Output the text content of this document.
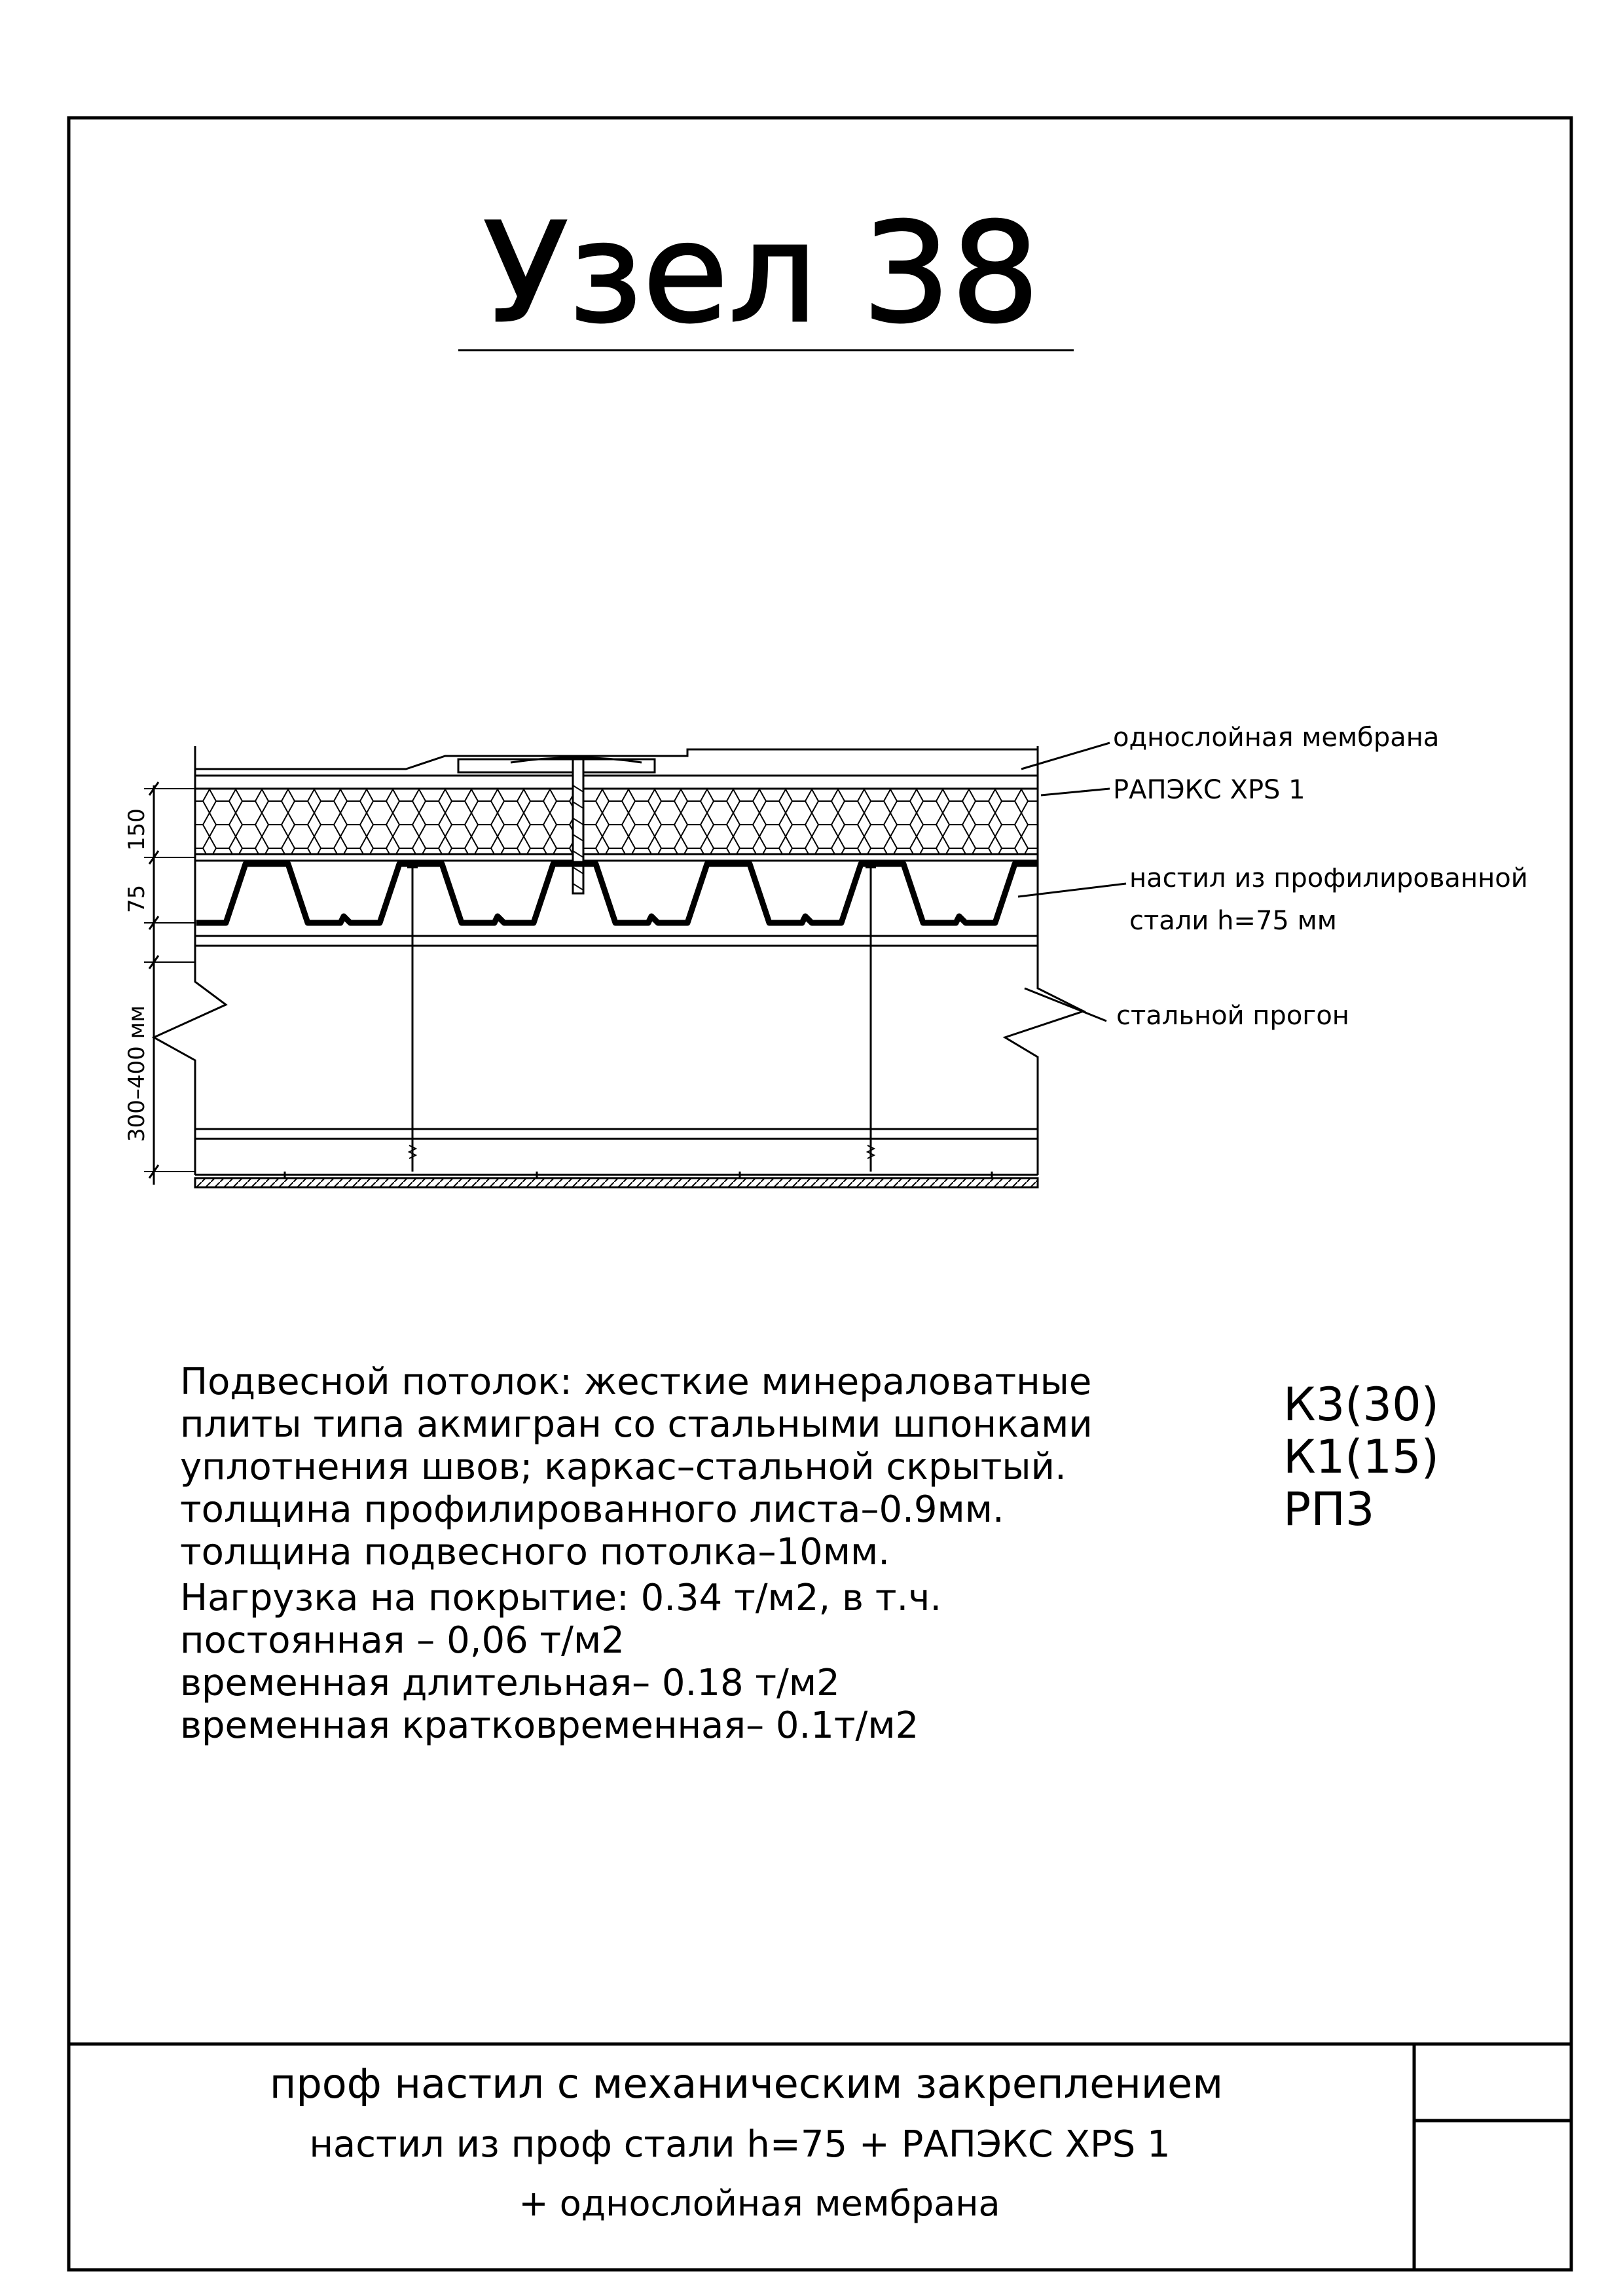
Узел 38
150
75
300–400 мм
однослойная мембрана
РАПЭКС XPS 1
настил из профилированной
стали h=75 мм
стальной прогон
Подвесной потолок: жесткие минераловатные
плиты типа акмигран со стальными шпонками
уплотнения швов; каркас–стальной скрытый.
толщина профилированного листа–0.9мм.
толщина подвесного потолка–10мм.
Нагрузка на покрытие: 0.34 т/м2, в т.ч.
постоянная – 0,06 т/м2
временная длительная– 0.18 т/м2
временная кратковременная– 0.1т/м2
К3(30)
К1(15)
РП3
проф настил с механическим закреплением
настил из проф стали h=75 + РАПЭКС XPS 1
+ однослойная мембрана
